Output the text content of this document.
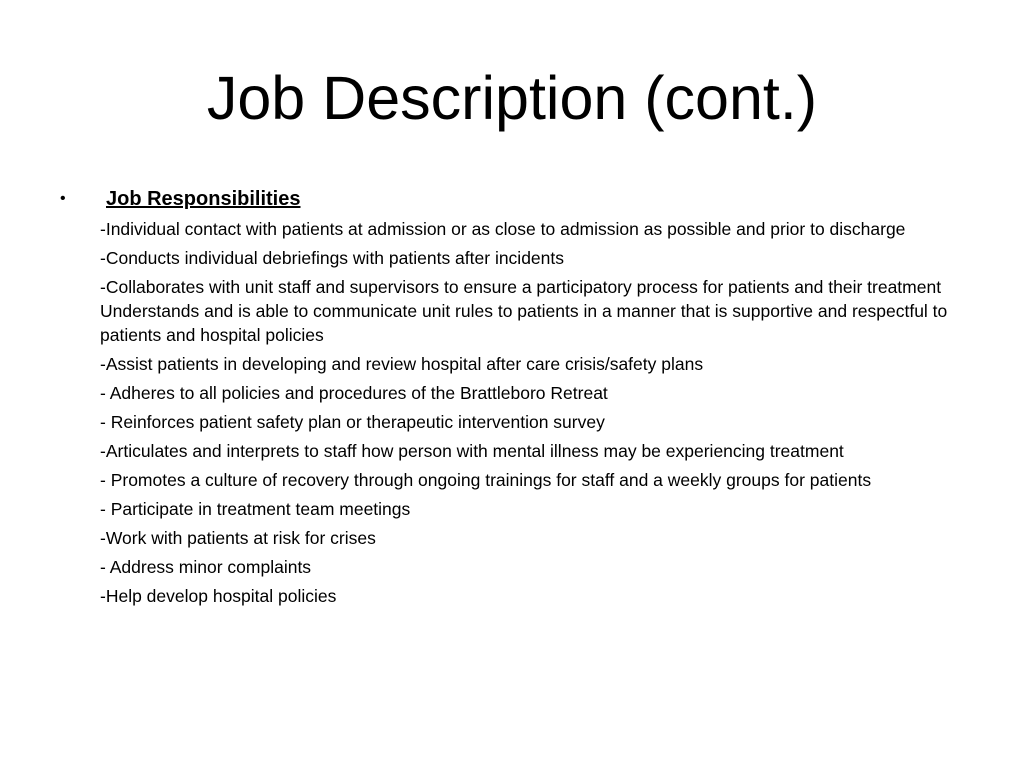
Job Description (cont.)
• Job Responsibilities
-Individual contact with patients at admission or as close to admission as possible and prior to discharge
-Conducts individual debriefings with patients after incidents
-Collaborates with unit staff and supervisors to ensure a participatory process for patients and their treatment Understands and is able to communicate unit rules to patients in a manner that is supportive and respectful to patients and hospital policies
-Assist patients in developing and review hospital after care crisis/safety plans
- Adheres to all policies and procedures of the Brattleboro Retreat
- Reinforces patient safety plan or therapeutic intervention survey
-Articulates and interprets to staff how person with mental illness may be experiencing treatment
- Promotes a culture of recovery through ongoing trainings for staff and a weekly groups for patients
- Participate in treatment team meetings
-Work with patients at risk for crises
- Address minor complaints
-Help develop hospital policies
